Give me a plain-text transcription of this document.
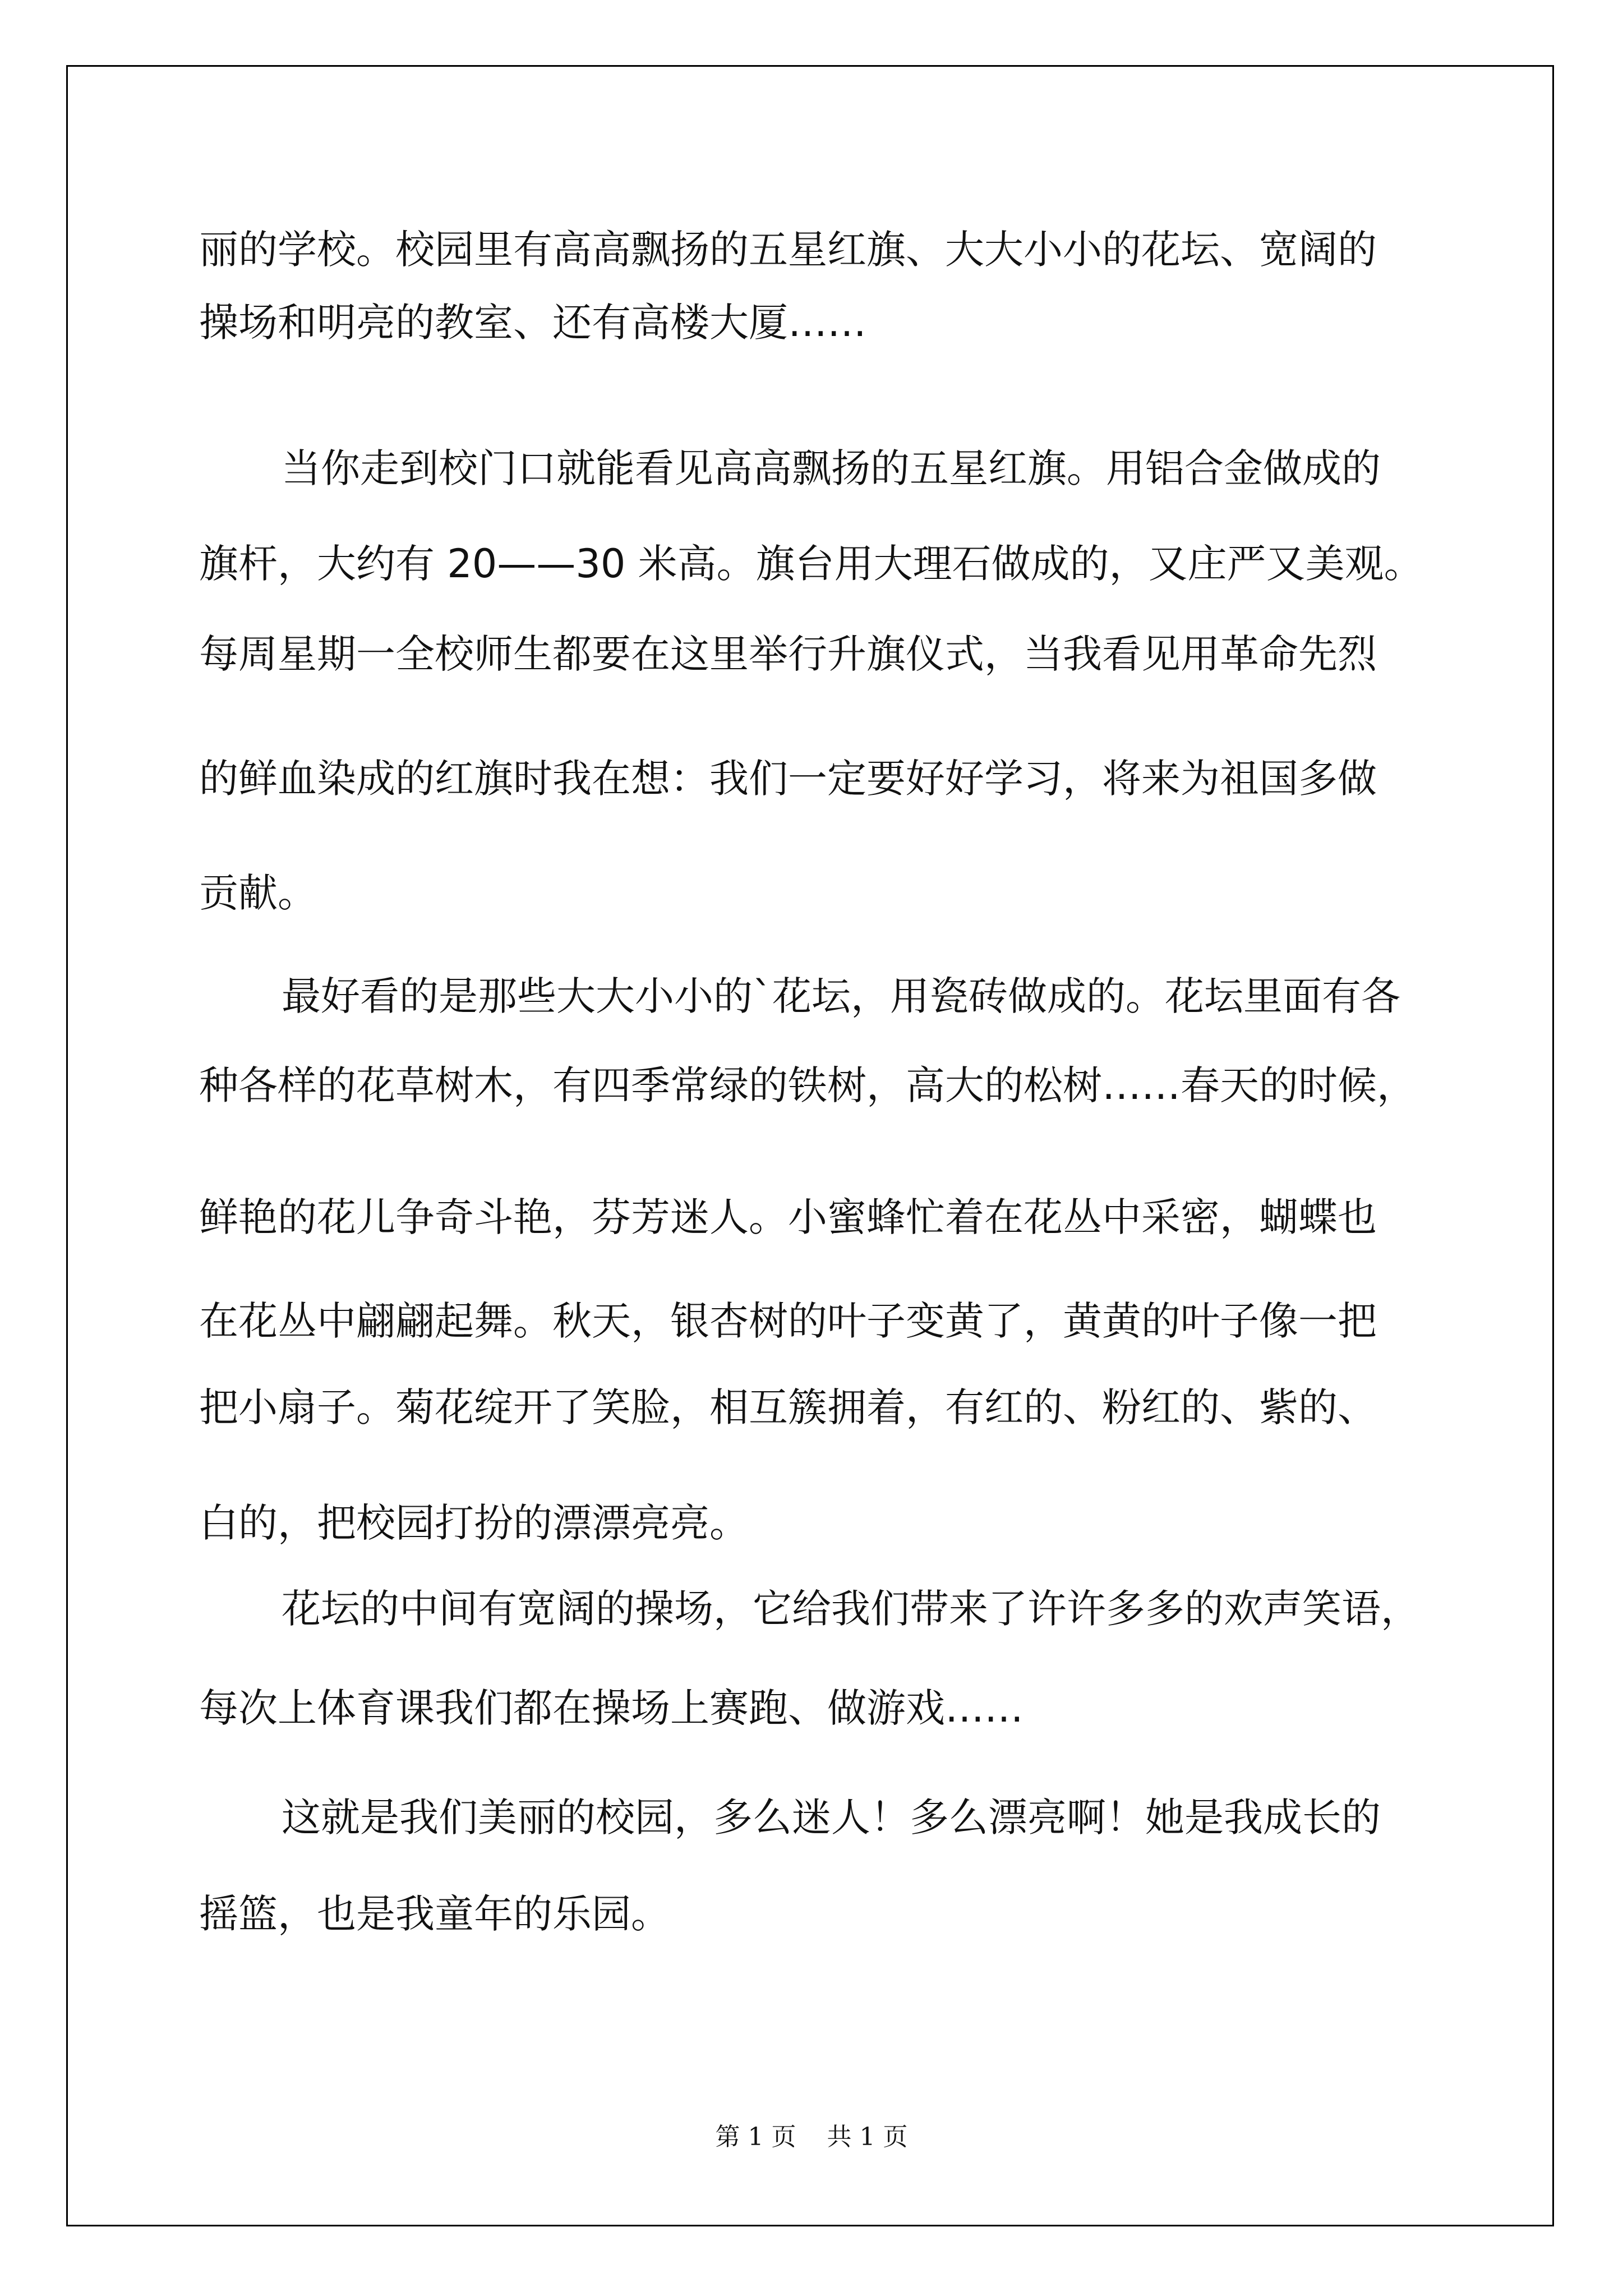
丽的学校。校园里有高高飘扬的五星红旗、大大小小的花坛、宽阔的
操场和明亮的教室、还有高楼大厦……
当你走到校门口就能看见高高飘扬的五星红旗。用铝合金做成的
旗杆，大约有 20——30 米高。旗台用大理石做成的，又庄严又美观。
每周星期一全校师生都要在这里举行升旗仪式，当我看见用革命先烈
的鲜血染成的红旗时我在想：我们一定要好好学习，将来为祖国多做
贡献。
最好看的是那些大大小小的`花坛，用瓷砖做成的。花坛里面有各
种各样的花草树木，有四季常绿的铁树，高大的松树……春天的时候，
鲜艳的花儿争奇斗艳，芬芳迷人。小蜜蜂忙着在花丛中采密，蝴蝶也
在花丛中翩翩起舞。秋天，银杏树的叶子变黄了，黄黄的叶子像一把
把小扇子。菊花绽开了笑脸，相互簇拥着，有红的、粉红的、紫的、
白的，把校园打扮的漂漂亮亮。
花坛的中间有宽阔的操场，它给我们带来了许许多多的欢声笑语，
每次上体育课我们都在操场上赛跑、做游戏……
这就是我们美丽的校园，多么迷人！多么漂亮啊！她是我成长的
摇篮，也是我童年的乐园。
第 1 页 共 1 页
